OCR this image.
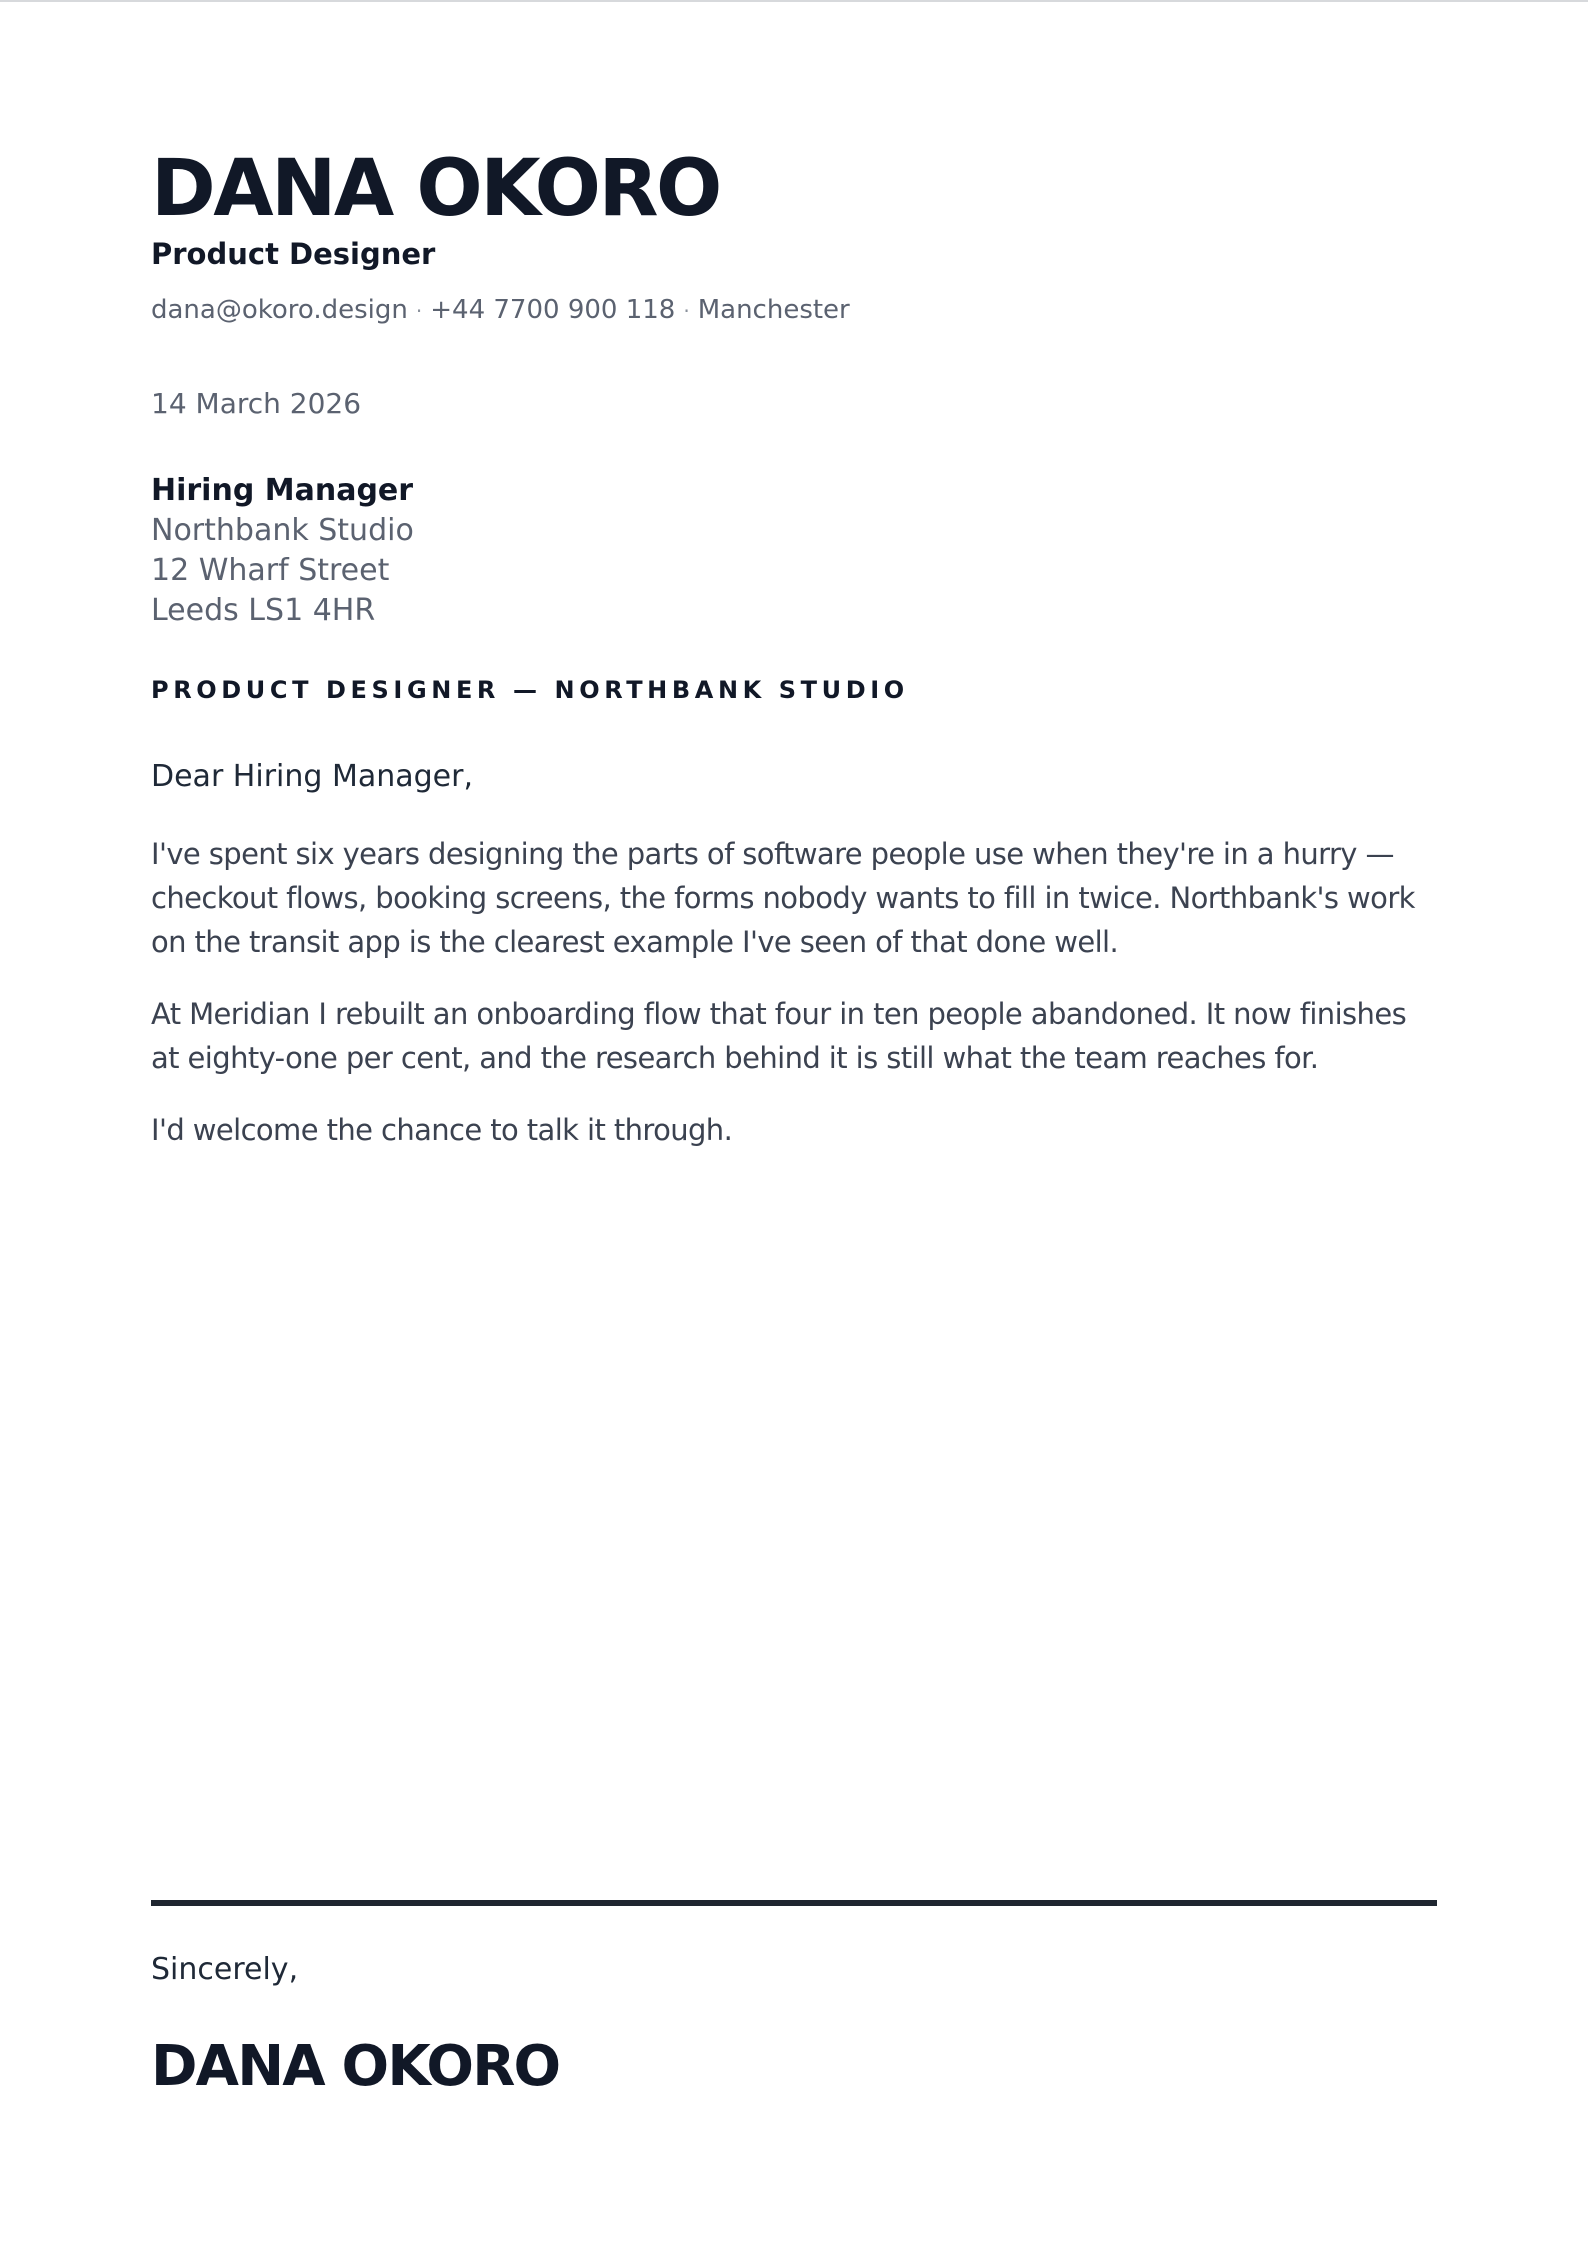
DANA OKORO
Product Designer
dana@okoro.design · +44 7700 900 118 · Manchester
14 March 2026
Hiring Manager
Northbank Studio
12 Wharf Street
Leeds LS1 4HR
PRODUCT DESIGNER — NORTHBANK STUDIO
Dear Hiring Manager,

I've spent six years designing the parts of software people use when they're in a hurry — checkout flows, booking screens, the forms nobody wants to fill in twice. Northbank's work on the transit app is the clearest example I've seen of that done well.

At Meridian I rebuilt an onboarding flow that four in ten people abandoned. It now finishes at eighty-one per cent, and the research behind it is still what the team reaches for.

I'd welcome the chance to talk it through.

Sincerely,
DANA OKORO
